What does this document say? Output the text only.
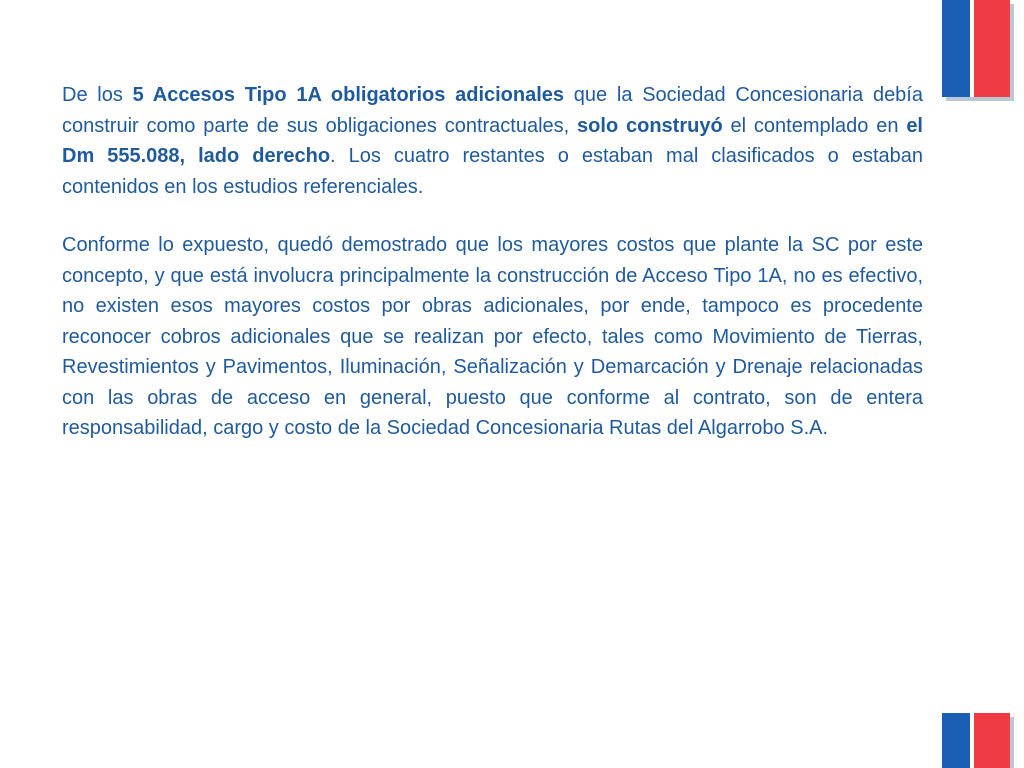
De los 5 Accesos Tipo 1A obligatorios adicionales que la Sociedad Concesionaria debía construir como parte de sus obligaciones contractuales, solo construyó el contemplado en el Dm 555.088, lado derecho. Los cuatro restantes o estaban mal clasificados o estaban contenidos en los estudios referenciales.

Conforme lo expuesto, quedó demostrado que los mayores costos que plante la SC por este concepto, y que está involucra principalmente la construcción de Acceso Tipo 1A, no es efectivo, no existen esos mayores costos por obras adicionales, por ende, tampoco es procedente reconocer cobros adicionales que se realizan por efecto, tales como Movimiento de Tierras, Revestimientos y Pavimentos, Iluminación, Señalización y Demarcación y Drenaje relacionadas con las obras de acceso en general, puesto que conforme al contrato, son de entera responsabilidad, cargo y costo de la Sociedad Concesionaria Rutas del Algarrobo S.A.
